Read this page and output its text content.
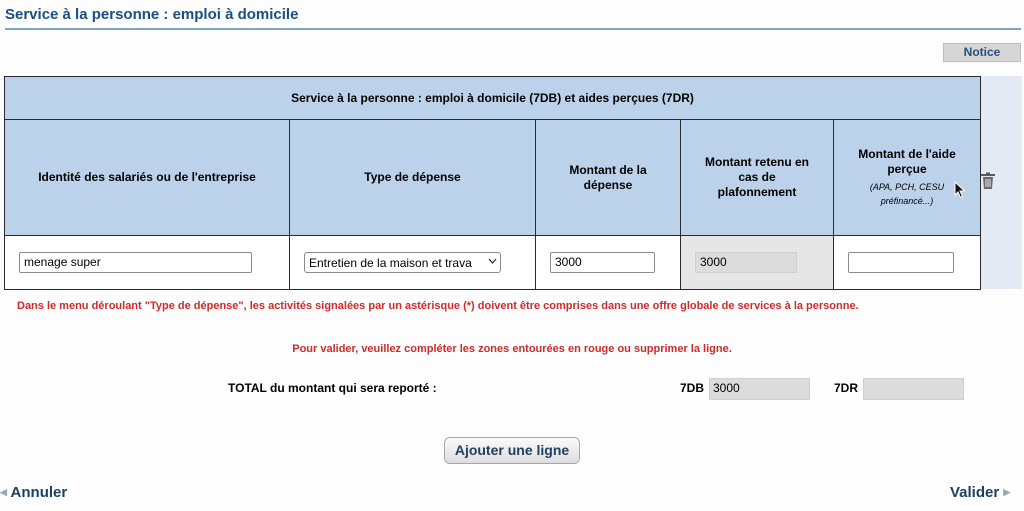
Service à la personne : emploi à domicile
Notice
Service à la personne : emploi à domicile (7DB) et aides perçues (7DR)				
Identité des salariés ou de l'entreprise	Type de dépense	Montant de la dépense	Montant retenu en cas de plafonnement	Montant de l'aide perçue
(APA, PCH, CESU préfinancé...)

menage super	Entretien de la maison et trava	3000	3000	

Dans le menu déroulant "Type de dépense", les activités signalées par un astérisque (*) doivent être comprises dans une offre globale de services à la personne.
Pour valider, veuillez compléter les zones entourées en rouge ou supprimer la ligne.
TOTAL du montant qui sera reporté :	7DB 3000	7DR
Ajouter une ligne
◀ Annuler	Valider ▶
